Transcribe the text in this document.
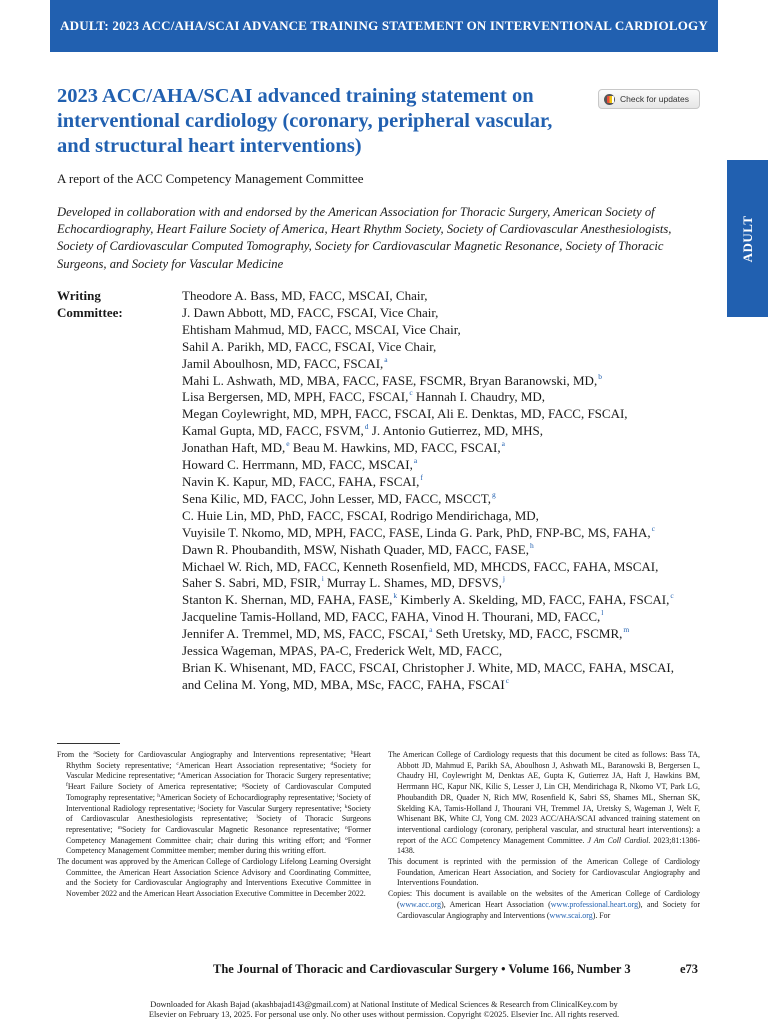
ADULT: 2023 ACC/AHA/SCAI ADVANCE TRAINING STATEMENT ON INTERVENTIONAL CARDIOLOGY
ADULT
2023 ACC/AHA/SCAI advanced training statement on
interventional cardiology (coronary, peripheral vascular,
and structural heart interventions)
Check for updates
A report of the ACC Competency Management Committee
Developed in collaboration with and endorsed by the American Association for Thoracic Surgery, American Society of Echocardiography, Heart Failure Society of America, Heart Rhythm Society, Society of Cardiovascular Anesthesiologists, Society of Cardiovascular Computed Tomography, Society for Cardiovascular Magnetic Resonance, Society of Thoracic Surgeons, and Society for Vascular Medicine
Writing
Committee:
Theodore A. Bass, MD, FACC, MSCAI, Chair,
J. Dawn Abbott, MD, FACC, FSCAI, Vice Chair,
Ehtisham Mahmud, MD, FACC, MSCAI, Vice Chair,
Sahil A. Parikh, MD, FACC, FSCAI, Vice Chair,
Jamil Aboulhosn, MD, FACC, FSCAI,$^a$
Mahi L. Ashwath, MD, MBA, FACC, FASE, FSCMR, Bryan Baranowski, MD,$^b$
Lisa Bergersen, MD, MPH, FACC, FSCAI,$^c$ Hannah I. Chaudry, MD,
Megan Coylewright, MD, MPH, FACC, FSCAI, Ali E. Denktas, MD, FACC, FSCAI,
Kamal Gupta, MD, FACC, FSVM,$^d$ J. Antonio Gutierrez, MD, MHS,
Jonathan Haft, MD,$^e$ Beau M. Hawkins, MD, FACC, FSCAI,$^a$
Howard C. Herrmann, MD, FACC, MSCAI,$^a$
Navin K. Kapur, MD, FACC, FAHA, FSCAI,$^f$
Sena Kilic, MD, FACC, John Lesser, MD, FACC, MSCCT,$^g$
C. Huie Lin, MD, PhD, FACC, FSCAI, Rodrigo Mendirichaga, MD,
Vuyisile T. Nkomo, MD, MPH, FACC, FASE, Linda G. Park, PhD, FNP-BC, MS, FAHA,$^c$
Dawn R. Phoubandith, MSW, Nishath Quader, MD, FACC, FASE,$^h$
Michael W. Rich, MD, FACC, Kenneth Rosenfield, MD, MHCDS, FACC, FAHA, MSCAI,
Saher S. Sabri, MD, FSIR,$^i$ Murray L. Shames, MD, DFSVS,$^j$
Stanton K. Shernan, MD, FAHA, FASE,$^k$ Kimberly A. Skelding, MD, FACC, FAHA, FSCAI,$^c$
Jacqueline Tamis-Holland, MD, FACC, FAHA, Vinod H. Thourani, MD, FACC,$^l$
Jennifer A. Tremmel, MD, MS, FACC, FSCAI,$^a$ Seth Uretsky, MD, FACC, FSCMR,$^m$
Jessica Wageman, MPAS, PA-C, Frederick Welt, MD, FACC,
Brian K. Whisenant, MD, FACC, FSCAI, Christopher J. White, MD, MACC, FAHA, MSCAI,
and Celina M. Yong, MD, MBA, MSc, FACC, FAHA, FSCAI$^c$

From the $^a$Society for Cardiovascular Angiography and Interventions representative; $^b$Heart Rhythm Society representative; $^c$American Heart Association representative; $^d$Society for Vascular Medicine representative; $^e$American Association for Thoracic Surgery representative; $^f$Heart Failure Society of America representative; $^g$Society of Cardiovascular Computed Tomography representative; $^h$American Society of Echocardiography representative; $^i$Society of Interventional Radiology representative; $^j$Society for Vascular Surgery representative; $^k$Society of Cardiovascular Anesthesiologists representative; $^l$Society of Thoracic Surgeons representative; $^m$Society for Cardiovascular Magnetic Resonance representative; $^n$Former Competency Management Committee chair; chair during this writing effort; and $^o$Former Competency Management Committee member; member during this writing effort.

The document was approved by the American College of Cardiology Lifelong Learning Oversight Committee, the American Heart Association Science Advisory and Coordinating Committee, and the Society for Cardiovascular Angiography and Interventions Executive Committee in November 2022 and the American Heart Association Executive Committee in December 2022.

The American College of Cardiology requests that this document be cited as follows: Bass TA, Abbott JD, Mahmud E, Parikh SA, Aboulhosn J, Ashwath ML, Baranowski B, Bergersen L, Chaudry HI, Coylewright M, Denktas AE, Gupta K, Gutierrez JA, Haft J, Hawkins BM, Herrmann HC, Kapur NK, Kilic S, Lesser J, Lin CH, Mendirichaga R, Nkomo VT, Park LG, Phoubandith DR, Quader N, Rich MW, Rosenfield K, Sabri SS, Shames ML, Shernan SK, Skelding KA, Tamis-Holland J, Thourani VH, Tremmel JA, Uretsky S, Wageman J, Welt F, Whisenant BK, White CJ, Yong CM. 2023 ACC/AHA/SCAI advanced training statement on interventional cardiology (coronary, peripheral vascular, and structural heart interventions): a report of the ACC Competency Management Committee. J Am Coll Cardiol. 2023;81:1386-1438.

This document is reprinted with the permission of the American College of Cardiology Foundation, American Heart Association, and Society for Cardiovascular Angiography and Interventions Foundation.

Copies: This document is available on the websites of the American College of Cardiology (www.acc.org), American Heart Association (www.professional.heart.org), and Society for Cardiovascular Angiography and Interventions (www.scai.org). For

The Journal of Thoracic and Cardiovascular Surgery • Volume 166, Number 3	e73
Downloaded for Akash Bajad (akashbajad143@gmail.com) at National Institute of Medical Sciences & Research from ClinicalKey.com by
Elsevier on February 13, 2025. For personal use only. No other uses without permission. Copyright ©2025. Elsevier Inc. All rights reserved.
